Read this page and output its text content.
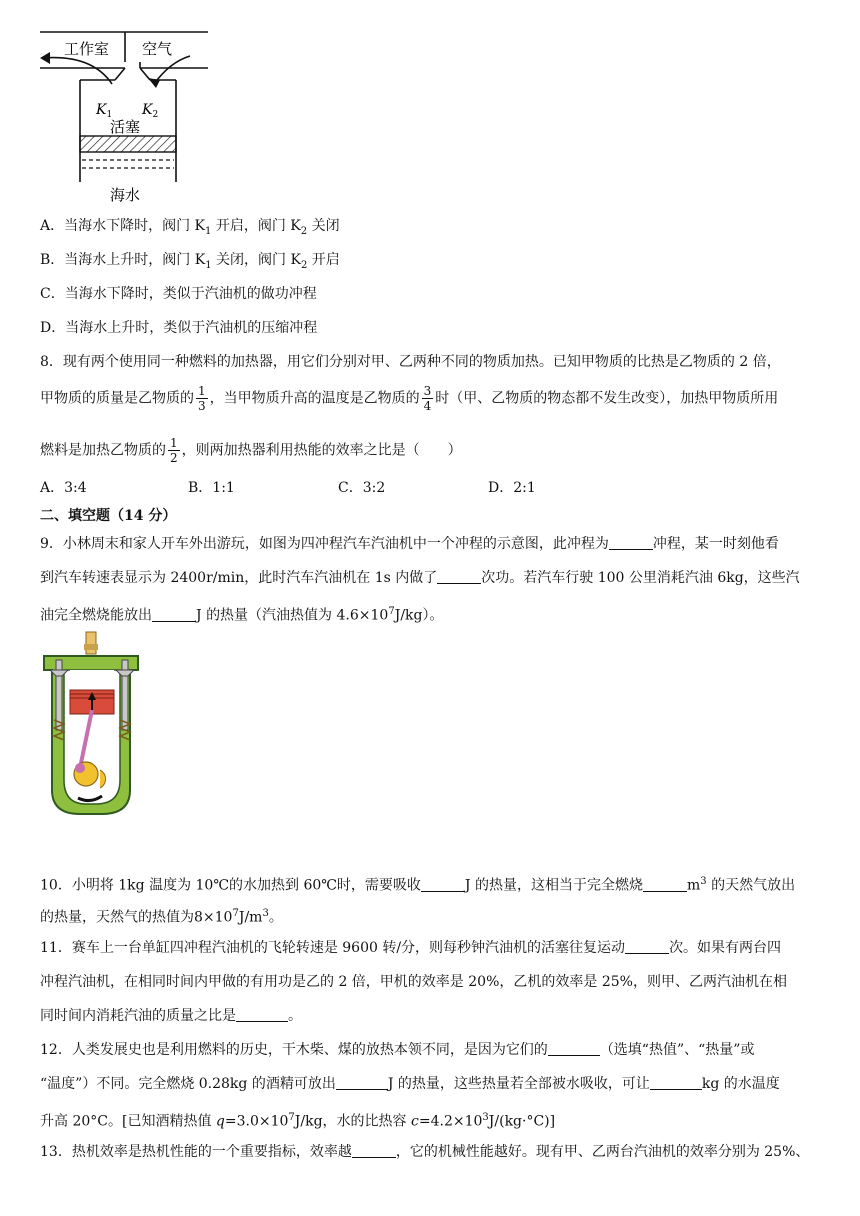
工作室 空气
$K_1$ $K_2$
活塞
海水
A．当海水下降时，阀门 $K_1$ 开启，阀门 $K_2$ 关闭
B．当海水上升时，阀门 $K_1$ 关闭，阀门 $K_2$ 开启
C．当海水下降时，类似于汽油机的做功冲程
D．当海水上升时，类似于汽油机的压缩冲程
8．现有两个使用同一种燃料的加热器，用它们分别对甲、乙两种不同的物质加热。已知甲物质的比热是乙物质的 2 倍，
甲物质的质量是乙物质的 $\frac{1}{3}$ ，当甲物质升高的温度是乙物质的 $\frac{3}{4}$ 时（甲、乙物质的物态都不发生改变），加热甲物质所用
燃料是加热乙物质的 $\frac{1}{2}$ ，则两加热器利用热能的效率之比是（　　）
A．3:4	B．1:1	C．3:2	D．2:1
二、填空题（14 分）
9．小林周末和家人开车外出游玩，如图为四冲程汽车汽油机中一个冲程的示意图，此冲程为	冲程，某一时刻他看
到汽车转速表显示为 2400r/min，此时汽车汽油机在 1s 内做了	次功。若汽车行驶 100 公里消耗汽油 6kg，这些汽
油完全燃烧能放出	J 的热量（汽油热值为 $4.6\times 10^7J/kg$）。
10．小明将 1kg 温度为 10℃的水加热到 60℃时，需要吸收	J 的热量，这相当于完全燃烧	$m^3$ 的天然气放出
的热量，天然气的热值为$8\times 10^7J/m^3$。
11．赛车上一台单缸四冲程汽油机的飞轮转速是 9600 转/分，则每秒钟汽油机的活塞往复运动	次。如果有两台四
冲程汽油机，在相同时间内甲做的有用功是乙的 2 倍，甲机的效率是 20%，乙机的效率是 25%，则甲、乙两汽油机在相
同时间内消耗汽油的质量之比是	。
12．人类发展史也是利用燃料的历史，干木柴、煤的放热本领不同，是因为它们的	（选填“热值”、“热量”或
“温度”）不同。完全燃烧 0.28kg 的酒精可放出	J 的热量，这些热量若全部被水吸收，可让	kg 的水温度
升高 20°C。[已知酒精热值 $q=3.0\times 10^7J/kg$，水的比热容 $c=4.2\times 10^3J/(kg\cdot^\circ C)$]
13．热机效率是热机性能的一个重要指标，效率越	，它的机械性能越好。现有甲、乙两台汽油机的效率分别为 25%、
